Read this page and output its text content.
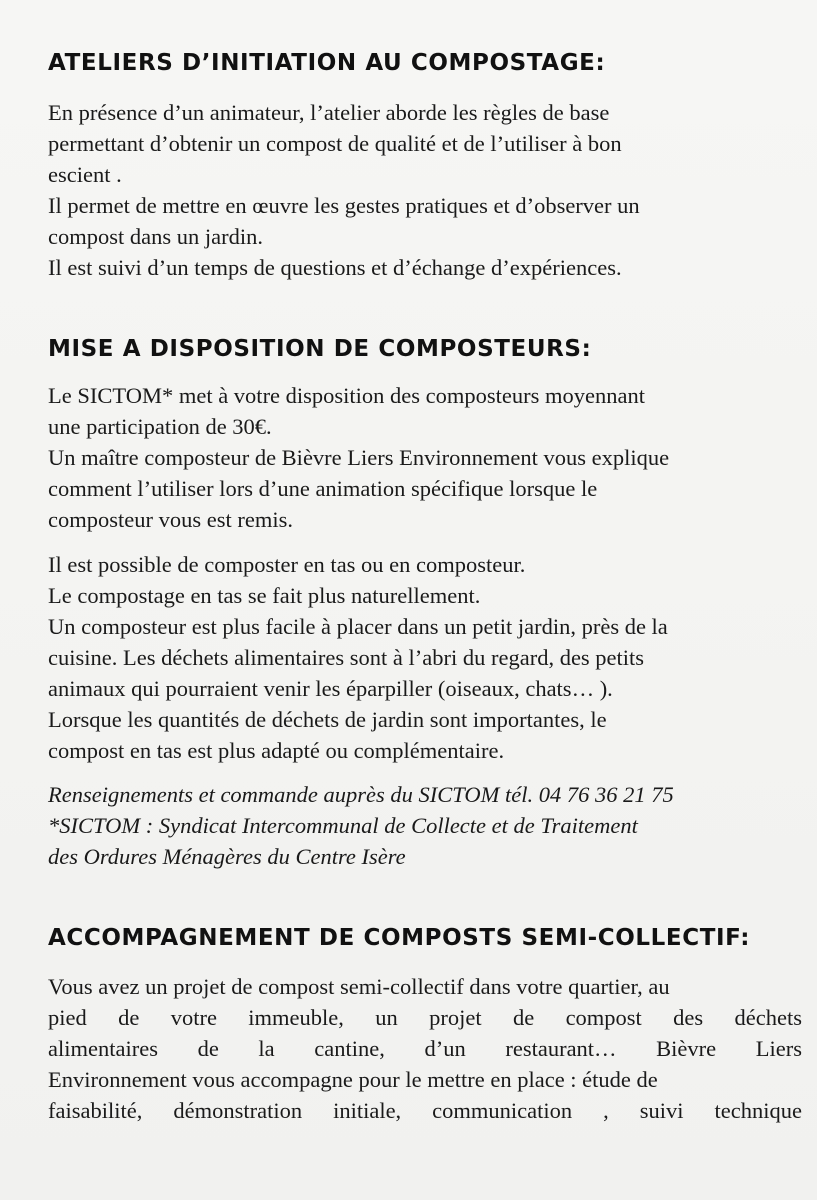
ATELIERS D’INITIATION AU COMPOSTAGE:
En présence d’un animateur, l’atelier aborde les règles de base
permettant d’obtenir un compost de qualité et de l’utiliser à bon
escient .
Il permet de mettre en œuvre les gestes pratiques et d’observer un
compost dans un jardin.
Il est suivi d’un temps de questions et d’échange d’expériences.
MISE A DISPOSITION DE COMPOSTEURS:
Le SICTOM* met à votre disposition des composteurs moyennant
une participation de 30€.
Un maître composteur de Bièvre Liers Environnement vous explique
comment l’utiliser lors d’une animation spécifique lorsque le
composteur vous est remis.
Il est possible de composter en tas ou en composteur.
Le compostage en tas se fait plus naturellement.
Un composteur est plus facile à placer dans un petit jardin, près de la
cuisine. Les déchets alimentaires sont à l’abri du regard, des petits
animaux qui pourraient venir les éparpiller (oiseaux, chats… ).
Lorsque les quantités de déchets de jardin sont importantes, le
compost en tas est plus adapté ou complémentaire.
Renseignements et commande auprès du SICTOM tél. 04 76 36 21 75
*SICTOM : Syndicat Intercommunal de Collecte et de Traitement
des Ordures Ménagères du Centre Isère
ACCOMPAGNEMENT DE COMPOSTS SEMI-COLLECTIF:
Vous avez un projet de compost semi-collectif dans votre quartier, au
pied de votre immeuble, un projet de compost des déchets
alimentaires de la cantine, d’un restaurant… Bièvre Liers
Environnement vous accompagne pour le mettre en place : étude de
faisabilité, démonstration initiale, communication , suivi technique
